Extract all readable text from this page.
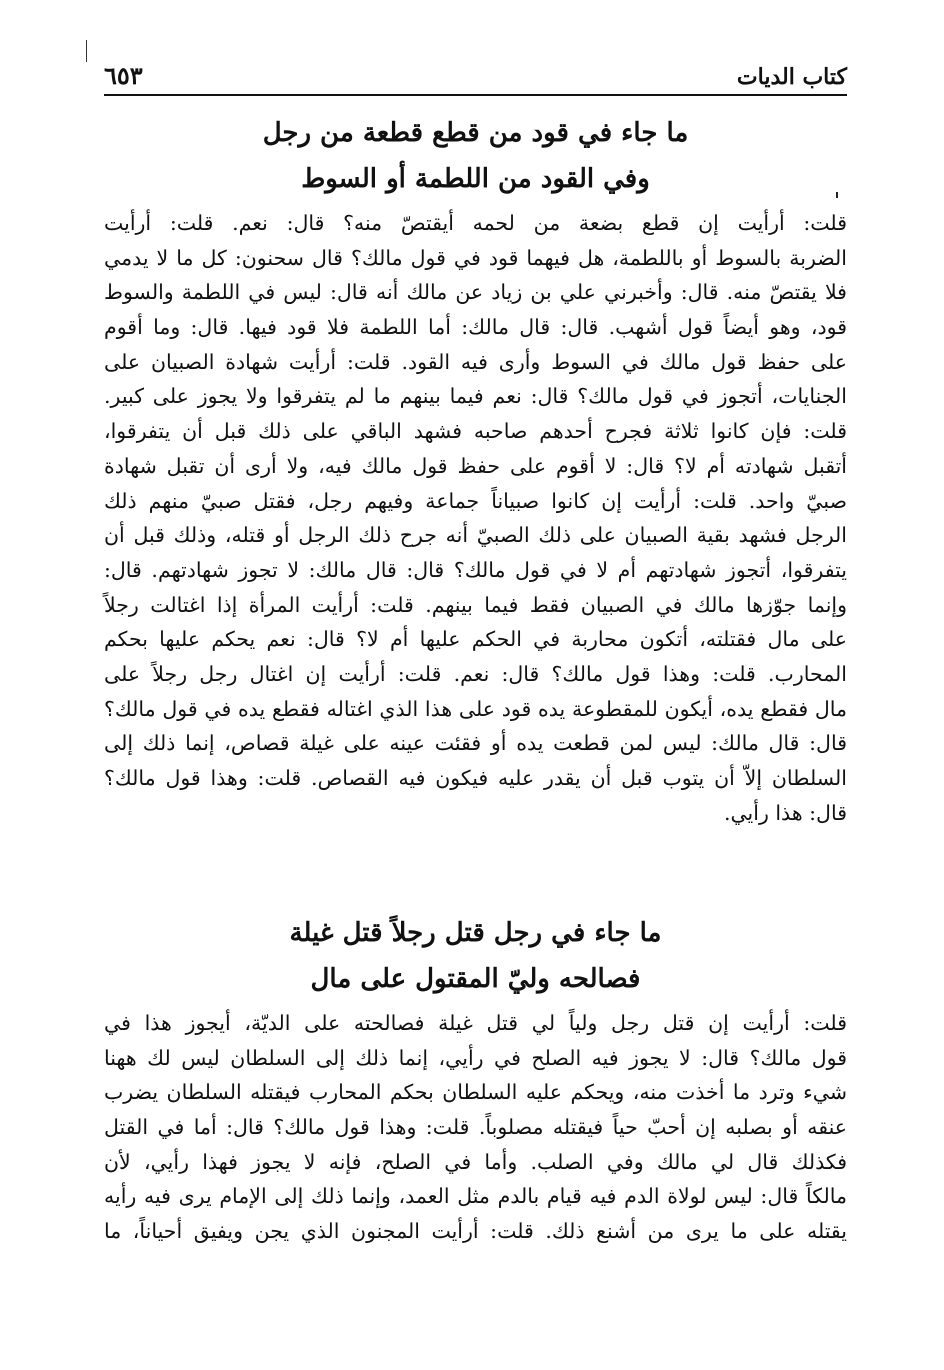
٦٥٣	كتاب الديات
ما جاء في قود من قطع قطعة من رجل
وفي القود من اللطمة أو السوط
قلت: أرأيت إن قطع بضعة من لحمه أيقتصّ منه؟ قال: نعم. قلت: أرأيت
الضربة بالسوط أو باللطمة، هل فيهما قود في قول مالك؟ قال سحنون: كل ما لا يدمي
فلا يقتصّ منه. قال: وأخبرني علي بن زياد عن مالك أنه قال: ليس في اللطمة والسوط
قود، وهو أيضاً قول أشهب. قال: قال مالك: أما اللطمة فلا قود فيها. قال: وما أقوم
على حفظ قول مالك في السوط وأرى فيه القود. قلت: أرأيت شهادة الصبيان على
الجنايات، أتجوز في قول مالك؟ قال: نعم فيما بينهم ما لم يتفرقوا ولا يجوز على كبير.
قلت: فإن كانوا ثلاثة فجرح أحدهم صاحبه فشهد الباقي على ذلك قبل أن يتفرقوا،
أتقبل شهادته أم لا؟ قال: لا أقوم على حفظ قول مالك فيه، ولا أرى أن تقبل شهادة
صبيّ واحد. قلت: أرأيت إن كانوا صبياناً جماعة وفيهم رجل، فقتل صبيّ منهم ذلك
الرجل فشهد بقية الصبيان على ذلك الصبيّ أنه جرح ذلك الرجل أو قتله، وذلك قبل أن
يتفرقوا، أتجوز شهادتهم أم لا في قول مالك؟ قال: قال مالك: لا تجوز شهادتهم. قال:
وإنما جوّزها مالك في الصبيان فقط فيما بينهم. قلت: أرأيت المرأة إذا اغتالت رجلاً
على مال فقتلته، أتكون محاربة في الحكم عليها أم لا؟ قال: نعم يحكم عليها بحكم
المحارب. قلت: وهذا قول مالك؟ قال: نعم. قلت: أرأيت إن اغتال رجل رجلاً على
مال فقطع يده، أيكون للمقطوعة يده قود على هذا الذي اغتاله فقطع يده في قول مالك؟
قال: قال مالك: ليس لمن قطعت يده أو فقئت عينه على غيلة قصاص، إنما ذلك إلى
السلطان إلاّ أن يتوب قبل أن يقدر عليه فيكون فيه القصاص. قلت: وهذا قول مالك؟
قال: هذا رأيي.
ما جاء في رجل قتل رجلاً قتل غيلة
فصالحه وليّ المقتول على مال
قلت: أرأيت إن قتل رجل ولياً لي قتل غيلة فصالحته على الديّة، أيجوز هذا في
قول مالك؟ قال: لا يجوز فيه الصلح في رأيي، إنما ذلك إلى السلطان ليس لك ههنا
شيء وترد ما أخذت منه، ويحكم عليه السلطان بحكم المحارب فيقتله السلطان يضرب
عنقه أو بصلبه إن أحبّ حياً فيقتله مصلوباً. قلت: وهذا قول مالك؟ قال: أما في القتل
فكذلك قال لي مالك وفي الصلب. وأما في الصلح، فإنه لا يجوز فهذا رأيي، لأن
مالكاً قال: ليس لولاة الدم فيه قيام بالدم مثل العمد، وإنما ذلك إلى الإمام يرى فيه رأيه
يقتله على ما يرى من أشنع ذلك. قلت: أرأيت المجنون الذي يجن ويفيق أحياناً، ما
